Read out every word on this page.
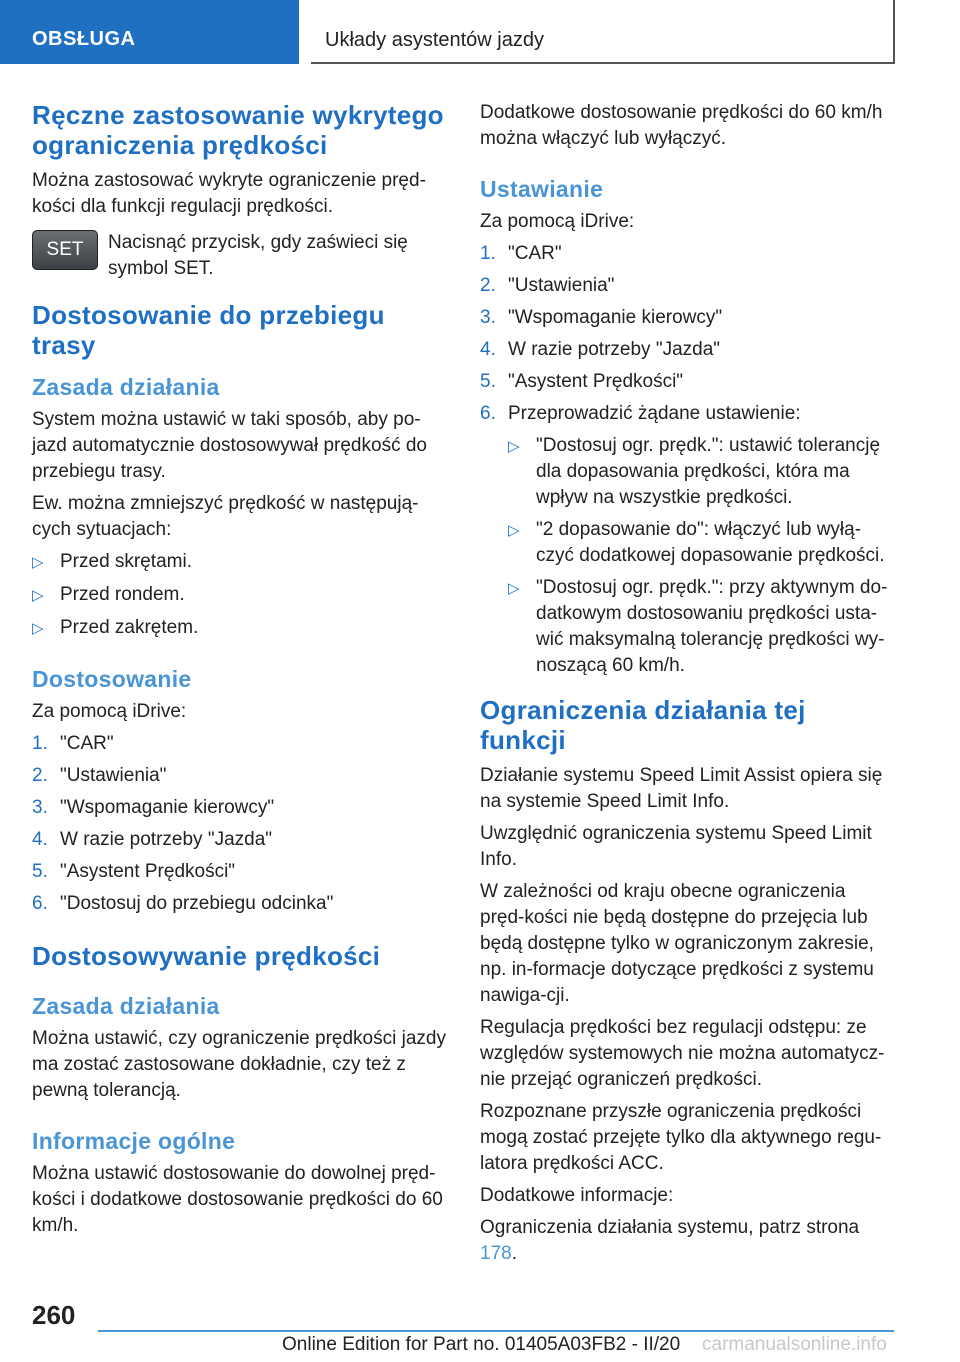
OBSŁUGA	Układy asystentów jazdy
Ręczne zastosowanie wykrytego ograniczenia prędkości

Można zastosować wykryte ograniczenie pręd-kości dla funkcji regulacji prędkości.

SET	Nacisnąć przycisk, gdy zaświeci się symbol SET.

Dostosowanie do przebiegu trasy
Zasada działania

System można ustawić w taki sposób, aby po-jazd automatycznie dostosowywał prędkość do przebiegu trasy.

Ew. można zmniejszyć prędkość w następują-cych sytuacjach:

▷ Przed skrętami.
▷ Przed rondem.
▷ Przed zakrętem.
Dostosowanie

Za pomocą iDrive:

1. "CAR"
2. "Ustawienia"
3. "Wspomaganie kierowcy"
4. W razie potrzeby "Jazda"
5. "Asystent Prędkości"
6. "Dostosuj do przebiegu odcinka"
Dostosowywanie prędkości
Zasada działania

Można ustawić, czy ograniczenie prędkości jazdy ma zostać zastosowane dokładnie, czy też z pewną tolerancją.

Informacje ogólne

Można ustawić dostosowanie do dowolnej pręd-kości i dodatkowe dostosowanie prędkości do 60 km/h.

Dodatkowe dostosowanie prędkości do 60 km/h można włączyć lub wyłączyć.

Ustawianie

Za pomocą iDrive:

1. "CAR"
2. "Ustawienia"
3. "Wspomaganie kierowcy"
4. W razie potrzeby "Jazda"
5. "Asystent Prędkości"
6. Przeprowadzić żądane ustawienie:
▷ "Dostosuj ogr. prędk.": ustawić tolerancję dla dopasowania prędkości, która ma wpływ na wszystkie prędkości.
▷ "2 dopasowanie do": włączyć lub wyłą-czyć dodatkowej dopasowanie prędkości.
▷ "Dostosuj ogr. prędk.": przy aktywnym do-datkowym dostosowaniu prędkości usta-wić maksymalną tolerancję prędkości wy-noszącą 60 km/h.
Ograniczenia działania tej funkcji

Działanie systemu Speed Limit Assist opiera się na systemie Speed Limit Info.

Uwzględnić ograniczenia systemu Speed Limit Info.

W zależności od kraju obecne ograniczenia pręd-kości nie będą dostępne do przejęcia lub będą dostępne tylko w ograniczonym zakresie, np. in-formacje dotyczące prędkości z systemu nawiga-cji.

Regulacja prędkości bez regulacji odstępu: ze względów systemowych nie można automatycz-nie przejąć ograniczeń prędkości.

Rozpoznane przyszłe ograniczenia prędkości mogą zostać przejęte tylko dla aktywnego regu-latora prędkości ACC.

Dodatkowe informacje:

Ograniczenia działania systemu, patrz strona 178.

260
Online Edition for Part no. 01405A03FB2 - II/20 carmanualsonline.info
